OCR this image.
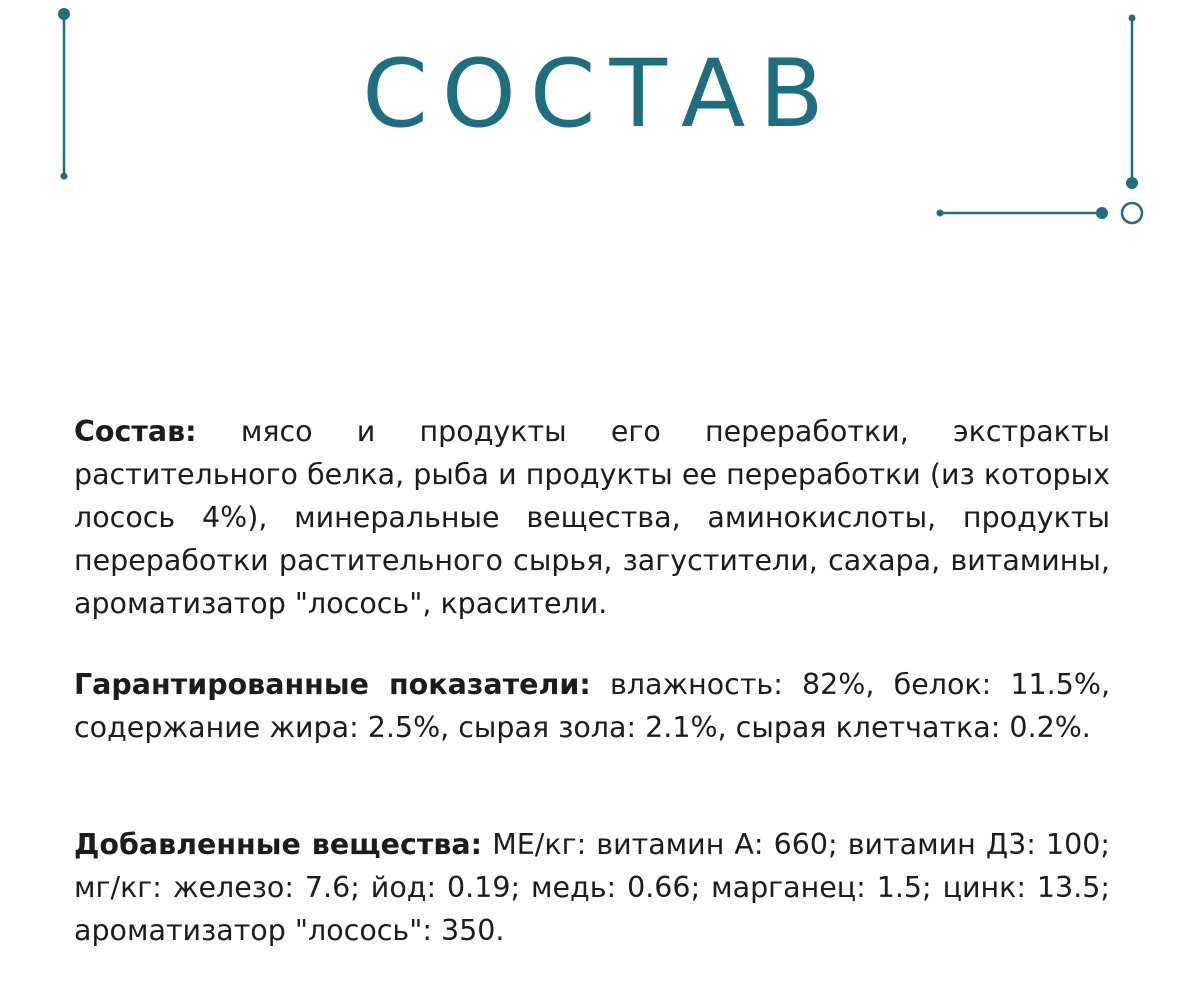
СОСТАВ

Состав: мясо и продукты его переработки, экстракты растительного белка, рыба и продукты ее переработки (из которых лосось 4%), минеральные вещества, аминокислоты, продукты переработки растительного сырья, загустители, сахара, витамины, ароматизатор "лосось", красители.

Гарантированные показатели: влажность: 82%, белок: 11.5%, содержание жира: 2.5%, сырая зола: 2.1%, сырая клетчатка: 0.2%.

Добавленные вещества: МЕ/кг: витамин А: 660; витамин Д3: 100; мг/кг: железо: 7.6; йод: 0.19; медь: 0.66; марганец: 1.5; цинк: 13.5; ароматизатор "лосось": 350.
